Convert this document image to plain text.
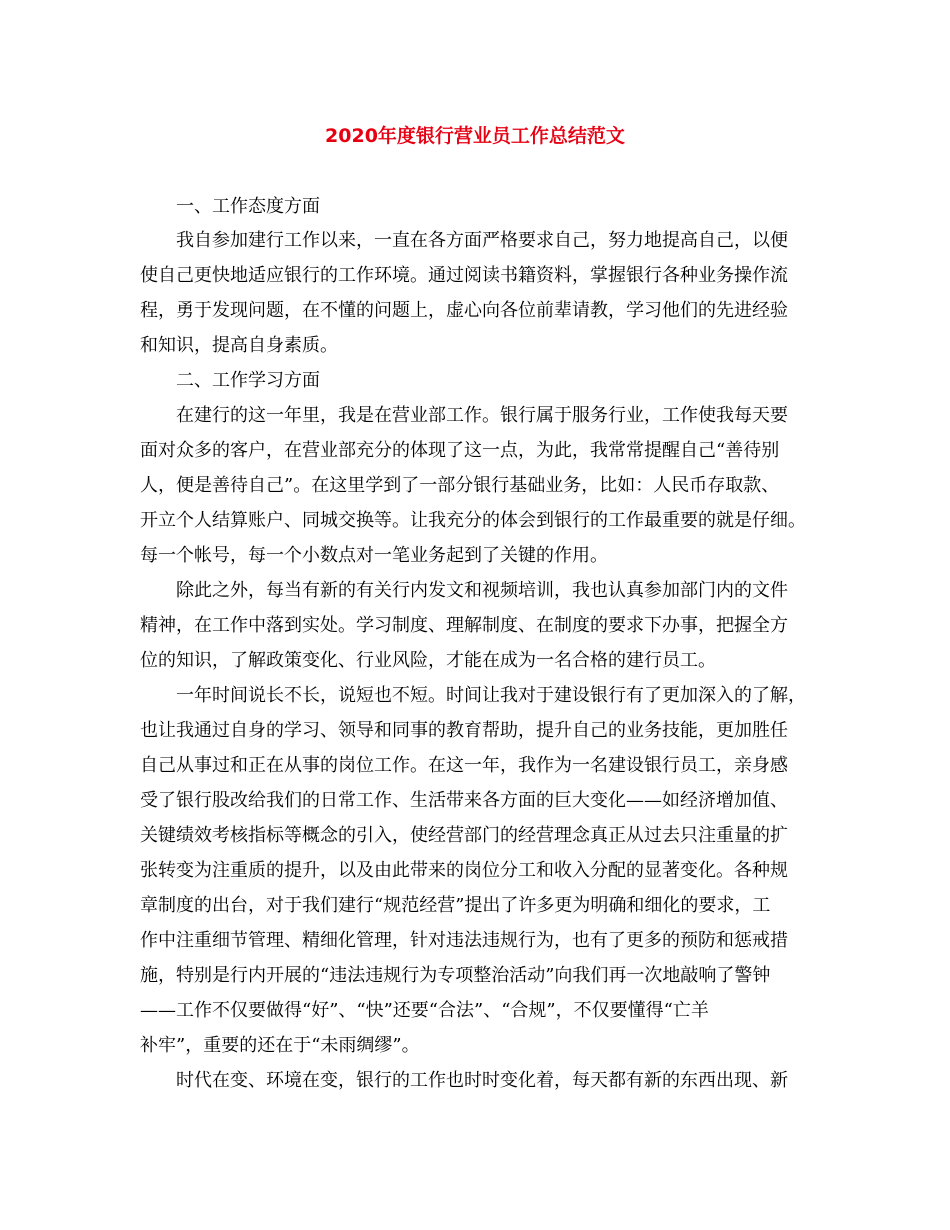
2020年度银行营业员工作总结范文
一、工作态度方面
我自参加建行工作以来，一直在各方面严格要求自己，努力地提高自己，以便
使自己更快地适应银行的工作环境。通过阅读书籍资料，掌握银行各种业务操作流
程，勇于发现问题，在不懂的问题上，虚心向各位前辈请教，学习他们的先进经验
和知识，提高自身素质。
二、工作学习方面
在建行的这一年里，我是在营业部工作。银行属于服务行业，工作使我每天要
面对众多的客户，在营业部充分的体现了这一点，为此，我常常提醒自己“善待别
人，便是善待自己”。在这里学到了一部分银行基础业务，比如：人民币存取款、
开立个人结算账户、同城交换等。让我充分的体会到银行的工作最重要的就是仔细。
每一个帐号，每一个小数点对一笔业务起到了关键的作用。
除此之外，每当有新的有关行内发文和视频培训，我也认真参加部门内的文件
精神，在工作中落到实处。学习制度、理解制度、在制度的要求下办事，把握全方
位的知识，了解政策变化、行业风险，才能在成为一名合格的建行员工。
一年时间说长不长，说短也不短。时间让我对于建设银行有了更加深入的了解，
也让我通过自身的学习、领导和同事的教育帮助，提升自己的业务技能，更加胜任
自己从事过和正在从事的岗位工作。在这一年，我作为一名建设银行员工，亲身感
受了银行股改给我们的日常工作、生活带来各方面的巨大变化——如经济增加值、
关键绩效考核指标等概念的引入，使经营部门的经营理念真正从过去只注重量的扩
张转变为注重质的提升，以及由此带来的岗位分工和收入分配的显著变化。各种规
章制度的出台，对于我们建行“规范经营”提出了许多更为明确和细化的要求，工
作中注重细节管理、精细化管理，针对违法违规行为，也有了更多的预防和惩戒措
施，特别是行内开展的“违法违规行为专项整治活动”向我们再一次地敲响了警钟
——工作不仅要做得“好”、“快”还要“合法”、“合规”，不仅要懂得“亡羊
补牢”，重要的还在于“未雨绸缪”。
时代在变、环境在变，银行的工作也时时变化着，每天都有新的东西出现、新
